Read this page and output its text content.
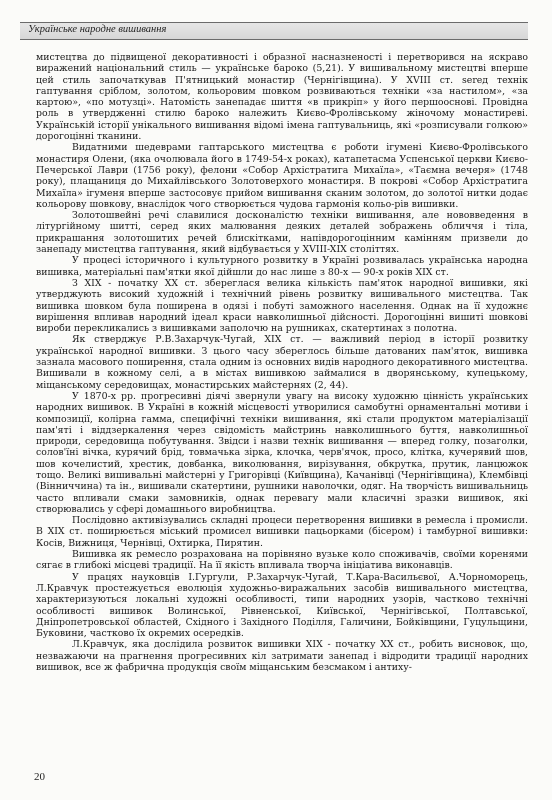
Українське народне вишивання

мистецтва до підвищеної декоративності і образної насназненості і перетворився на яскраво виражений національний стиль — українське бароко (5,21). У вишивальному мистецтві вперше цей стиль започаткував П'ятницький монастир (Чернігівщина). У XVIII ст. serед технік гаптування сріблом, золотом, кольоровим шовком розвиваються техніки «за настилом», «за картою», «по мотузці». Натомість занепадає шиття «в прикріп» у його першооснові. Провідна роль в утвердженні стилю бароко належить Києво-Фролівському жіночому монастиреві. Українській історії унікального вишивання відомі імена гаптувальниць, які «розписували голкою» дорогоцінні тканини.

Видатними шедеврами гаптарського мистецтва є роботи ігумені Києво-Фролівського монастиря Олени, (яка очолювала його в 1749-54-х роках), катапетасма Успенської церкви Києво-Печерської Лаври (1756 року), фелони «Собор Архістратига Михаїла», «Таємна вечеря» (1748 року), плащаниця до Михайлівського Золотоверхого монастиря. В покрові «Собор Архістратига Михаїла» ігуменя вперше застосовує прийом вишивання сканим золотом, до золотої нитки додає кольорову шовкову, внаслідок чого створюється чудова гармонія кольо-рів вишивки.

Золотошвейні речі славилися досконалістю техніки вишивання, але нововведення в літургійному шитті, серед яких малювання деяких деталей зображень обличчя і тіла, прикрашання золотошитих речей блискітками, напівдорогоцінним камінням призвели до занепаду мистецтва гаптування, який відбувається у XVIII-XIX століттях.

У процесі історичного і культурного розвитку в Україні розвивалась українська народна вишивка, матеріальні пам'ятки якої дійшли до нас лише з 80-х — 90-х років XIX ст.

З XIX - початку XX ст. збереглася велика кількість пам'яток народної вишивки, які утверджують високий художній і технічний рівень розвитку вишивального мистецтва. Так вишивка шовком була поширена в одязі і побуті заможного населення. Однак на її художнє вирішення впливав народний ідеал краси навколишньої дійсності. Дорогоцінні вишиті шовкові вироби перекликались з вишивками заполочю на рушниках, скатертинах з полотна.

Як стверджує Р.В.Захарчук-Чугай, XIX ст. — важливий період в історії розвитку української народної вишивки. З цього часу збереглось більше датованих пам'яток, вишивка зазнала масового поширення, стала одним із основних видів народного декоративного мистецтва. Вишивали в кожному селі, а в містах вишивкою займалися в дворянському, купецькому, міщанському середовищах, монастирських майстернях (2, 44).

У 1870-х рр. прогресивні діячі звернули увагу на високу художню цінність українських народних вишивок. В Україні в кожній місцевості утворилися самобутні орнаментальні мотиви і композиції, колірна гамма, специфічні техніки вишивання, які стали продуктом матеріалізації пам'яті і віддзеркалення через свідомість майстринь навколишнього буття, навколишньої природи, середовища побутування. Звідси і назви технік вишивання — вперед голку, позаголки, солов'їні вічка, курячий брід, товмачька зірка, клочка, черв'ячок, просо, клітка, кучерявий шов, шов кочелистий, хрестик, довбанка, виколювання, вирізування, обкрутка, прутик, ланцюжок тощо. Великі вишивальні майстерні у Григорівці (Київщина), Качанівці (Чернігівщина), Клембівці (Вінниччина) та ін., вишивали скатертини, рушники наволочки, одяг. На творчість вишивальниць часто впливали смаки замовників, однак перевагу мали класичні зразки вишивок, які створювались у сфері домашнього виробництва.

Послідовно активізувались складні процеси перетворення вишивки в ремесла і промисли. В XIX ст. поширюється міський промисел вишивки пацьорками (бісером) і тамбурної вишивки: Косів, Вижниця, Чернівці, Охтирка, Пирятин.

Вишивка як ремесло розрахована на порівняно вузьке коло споживачів, своїми коренями сягає в глибокі місцеві традиції. На її якість впливала творча ініціатива виконавців.

У працях науковців І.Гургули, Р.Захарчук-Чугай, Т.Кара-Васильєвої, А.Чорноморець, Л.Кравчук простежується еволюція художньо-виражальних засобів вишивального мистецтва, характеризуються локальні художні особливості, типи народних узорів, частково технічні особливості вишивок Волинської, Рівненської, Київської, Чернігівської, Полтавської, Дніпропетровської областей, Східного і Західного Поділля, Галичини, Бойківщини, Гуцульщини, Буковини, частково їх окремих осередків.

Л.Кравчук, яка дослідила розвиток вишивки XIX - початку XX ст., робить висновок, що, незважаючи на прагнення прогресивних кіл затримати занепад і відродити традиції народних вишивок, все ж фабрична продукція своїм міщанським безсмаком і антиху-

20
